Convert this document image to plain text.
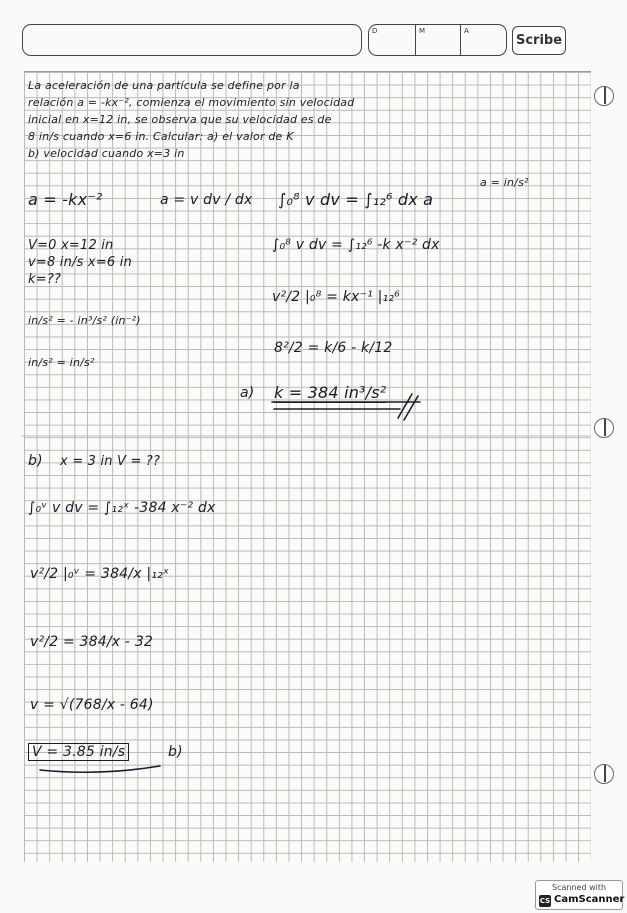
D	M	A
Scribe
La aceleración de una partícula se define por la
relación a = -kx⁻², comienza el movimiento sin velocidad
inicial en x=12 in, se observa que su velocidad es de
8 in/s cuando x=6 in. Calcular: a) el valor de K
b) velocidad cuando x=3 in
a = -kx⁻²	a = v dv / dx
V=0 x=12 in
v=8 in/s x=6 in
k=??
in/s² = - in³/s² (in⁻²)
in/s² = in/s²
a = in/s²
∫₀⁸ v dv = ∫₁₂⁶ dx a
∫₀⁸ v dv = ∫₁₂⁶ -k x⁻² dx
v²/2 |₀⁸ = kx⁻¹ |₁₂⁶
8²/2 = k/6 - k/12
a) k = 384 in³/s²
b) x = 3 in V = ??
∫₀ᵛ v dv = ∫₁₂ˣ -384 x⁻² dx
v²/2 |₀ᵛ = 384/x |₁₂ˣ
v²/2 = 384/x - 32
v = √(768/x - 64)
V = 3.85 in/s	b)
Scanned with
CS CamScanner
